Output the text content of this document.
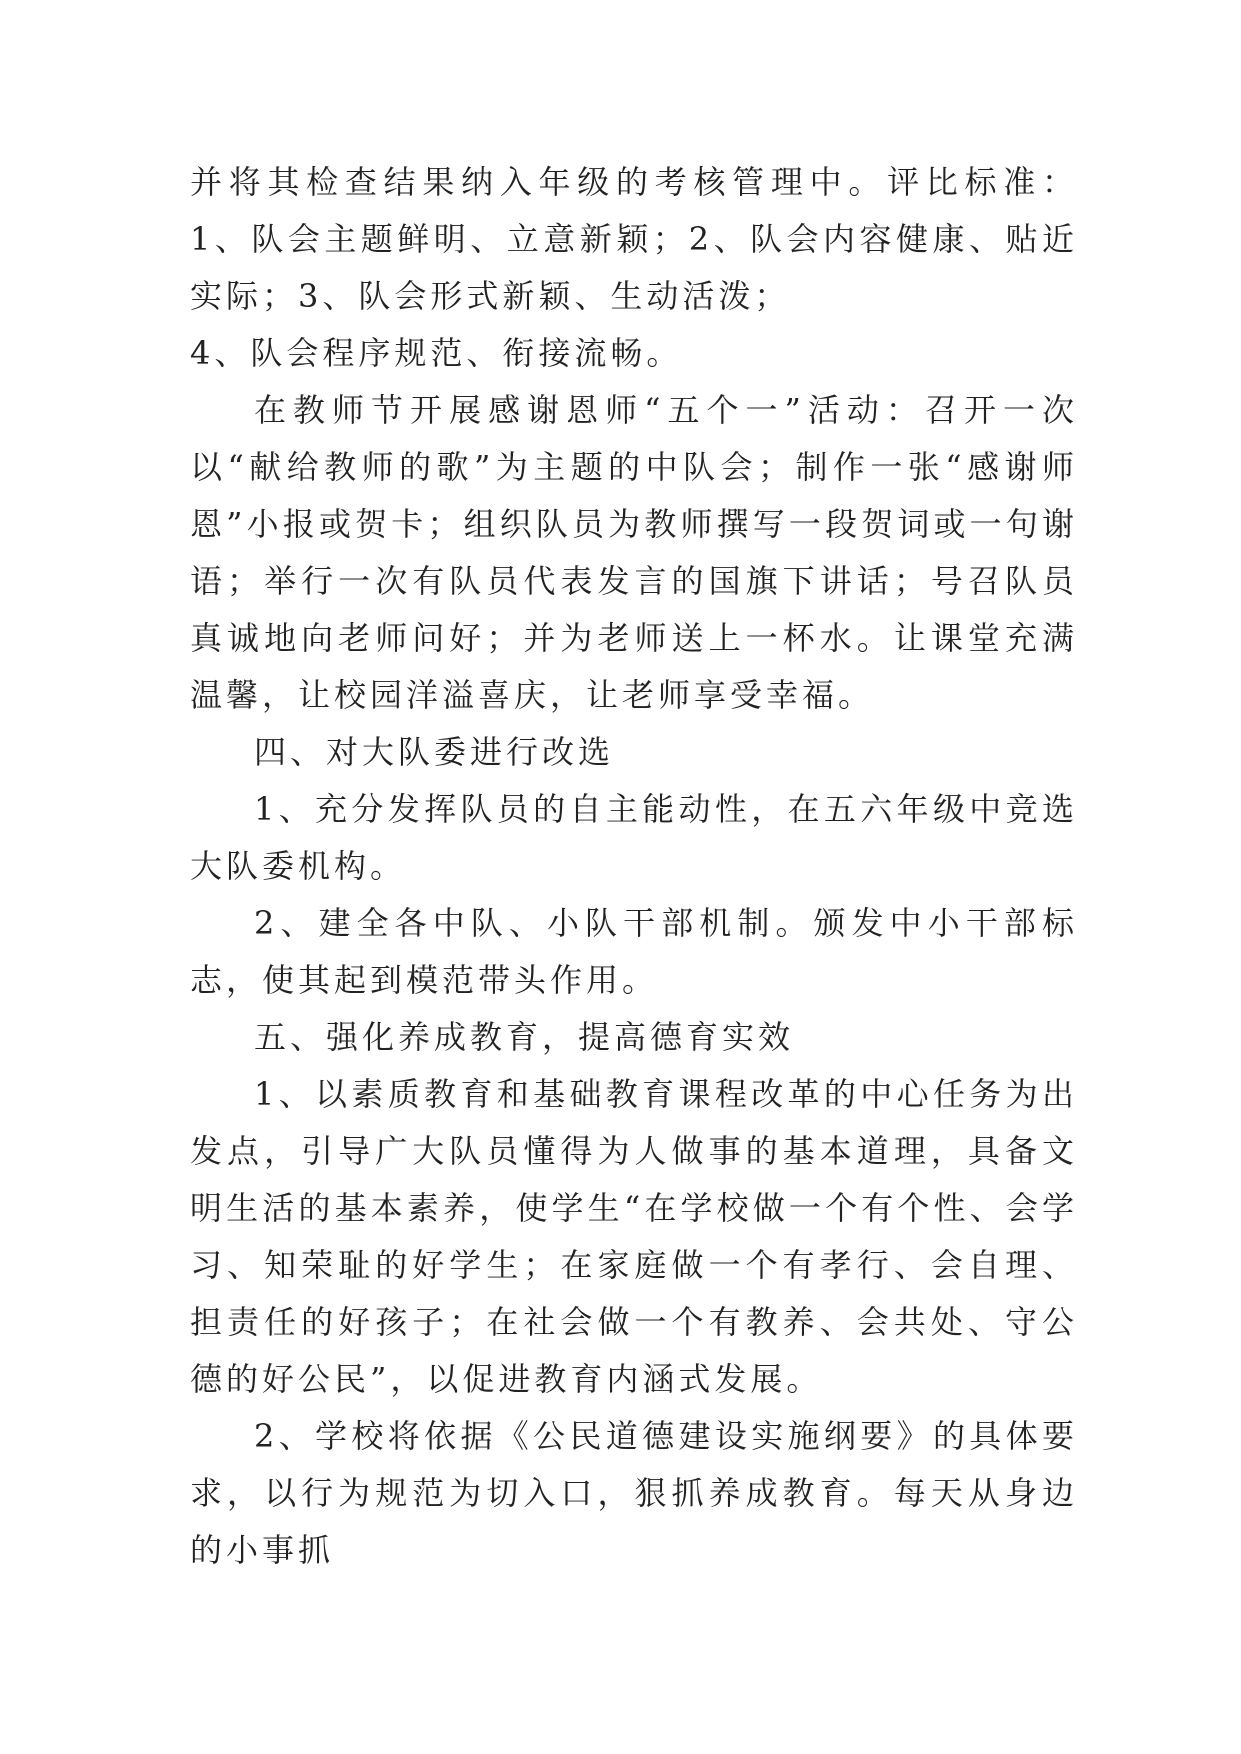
并将其检查结果纳入年级的考核管理中。评比标准：1、队会主题鲜明、立意新颖；2、队会内容健康、贴近实际；3、队会形式新颖、生动活泼；

4、队会程序规范、衔接流畅。

在教师节开展感谢恩师“五个一”活动：召开一次以“献给教师的歌”为主题的中队会；制作一张“感谢师恩”小报或贺卡；组织队员为教师撰写一段贺词或一句谢语；举行一次有队员代表发言的国旗下讲话；号召队员真诚地向老师问好；并为老师送上一杯水。让课堂充满温馨，让校园洋溢喜庆，让老师享受幸福。

四、对大队委进行改选

1、充分发挥队员的自主能动性，在五六年级中竞选大队委机构。

2、建全各中队、小队干部机制。颁发中小干部标志，使其起到模范带头作用。

五、强化养成教育，提高德育实效

1、以素质教育和基础教育课程改革的中心任务为出发点，引导广大队员懂得为人做事的基本道理，具备文明生活的基本素养，使学生“在学校做一个有个性、会学习、知荣耻的好学生；在家庭做一个有孝行、会自理、担责任的好孩子；在社会做一个有教养、会共处、守公德的好公民”，以促进教育内涵式发展。

2、学校将依据《公民道德建设实施纲要》的具体要求，以行为规范为切入口，狠抓养成教育。每天从身边的小事抓
